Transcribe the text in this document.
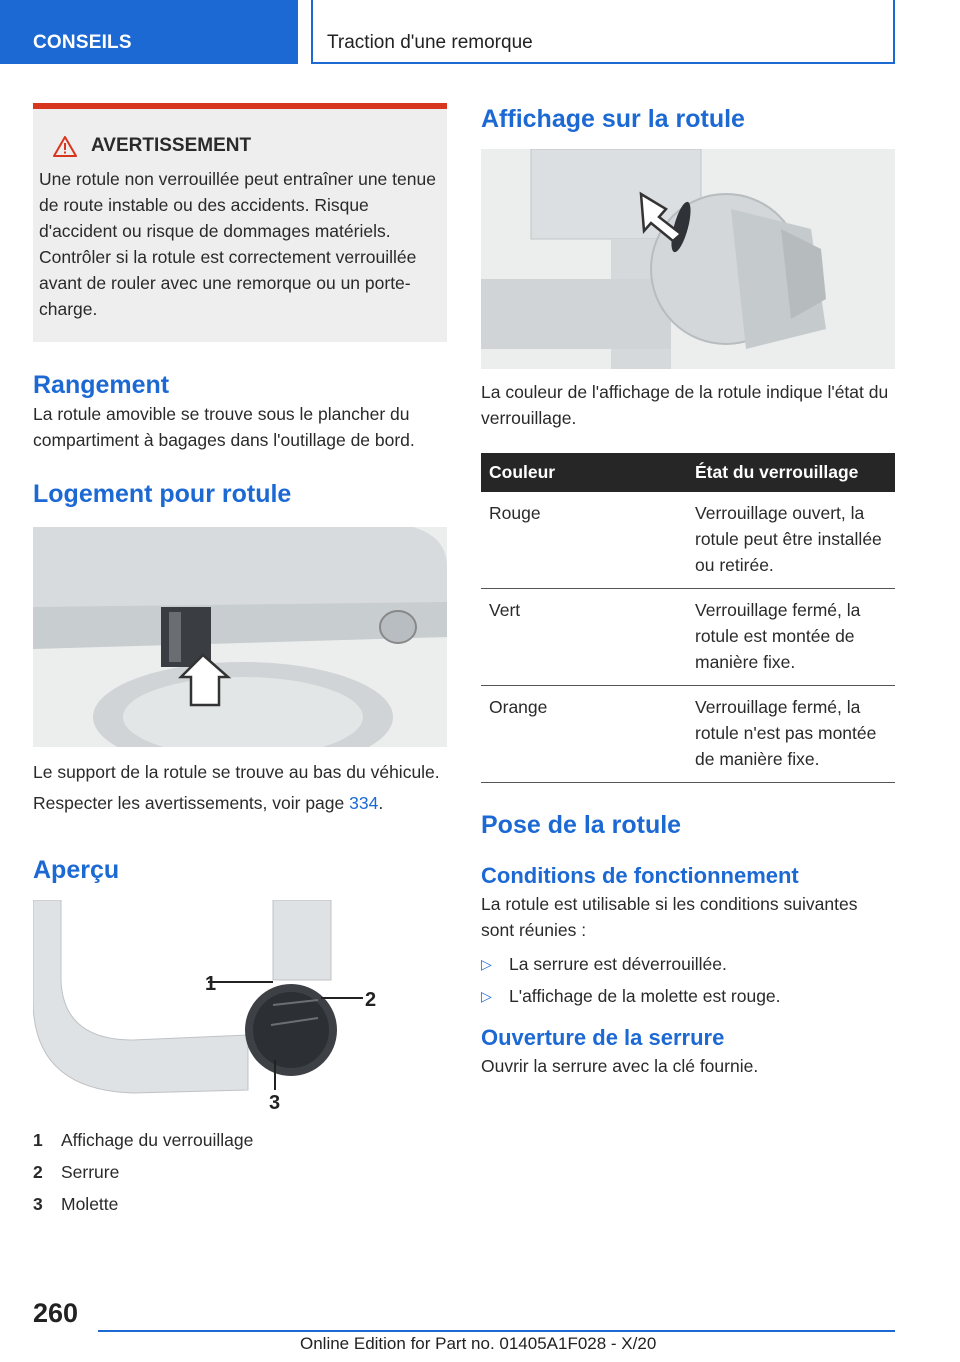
CONSEILS	Traction d'une remorque
AVERTISSEMENT

Une rotule non verrouillée peut entraîner une tenue de route instable ou des accidents. Risque d'accident ou risque de dommages matériels. Contrôler si la rotule est correctement verrouillée avant de rouler avec une remorque ou un porte-charge.

Rangement

La rotule amovible se trouve sous le plancher du compartiment à bagages dans l'outillage de bord.

Logement pour rotule

Le support de la rotule se trouve au bas du véhicule.

Respecter les avertissements, voir page 334.

Aperçu
1
2
3
1	Affichage du verrouillage
2	Serrure
3	Molette
Affichage sur la rotule

La couleur de l'affichage de la rotule indique l'état du verrouillage.

Couleur	État du verrouillage
Rouge	Verrouillage ouvert, la rotule peut être installée ou retirée.
Vert	Verrouillage fermé, la rotule est montée de manière fixe.
Orange	Verrouillage fermé, la rotule n'est pas montée de manière fixe.
Pose de la rotule
Conditions de fonctionnement

La rotule est utilisable si les conditions suivantes sont réunies :

▷ La serrure est déverrouillée.
▷ L'affichage de la molette est rouge.
Ouverture de la serrure

Ouvrir la serrure avec la clé fournie.

260
Online Edition for Part no. 01405A1F028 - X/20
